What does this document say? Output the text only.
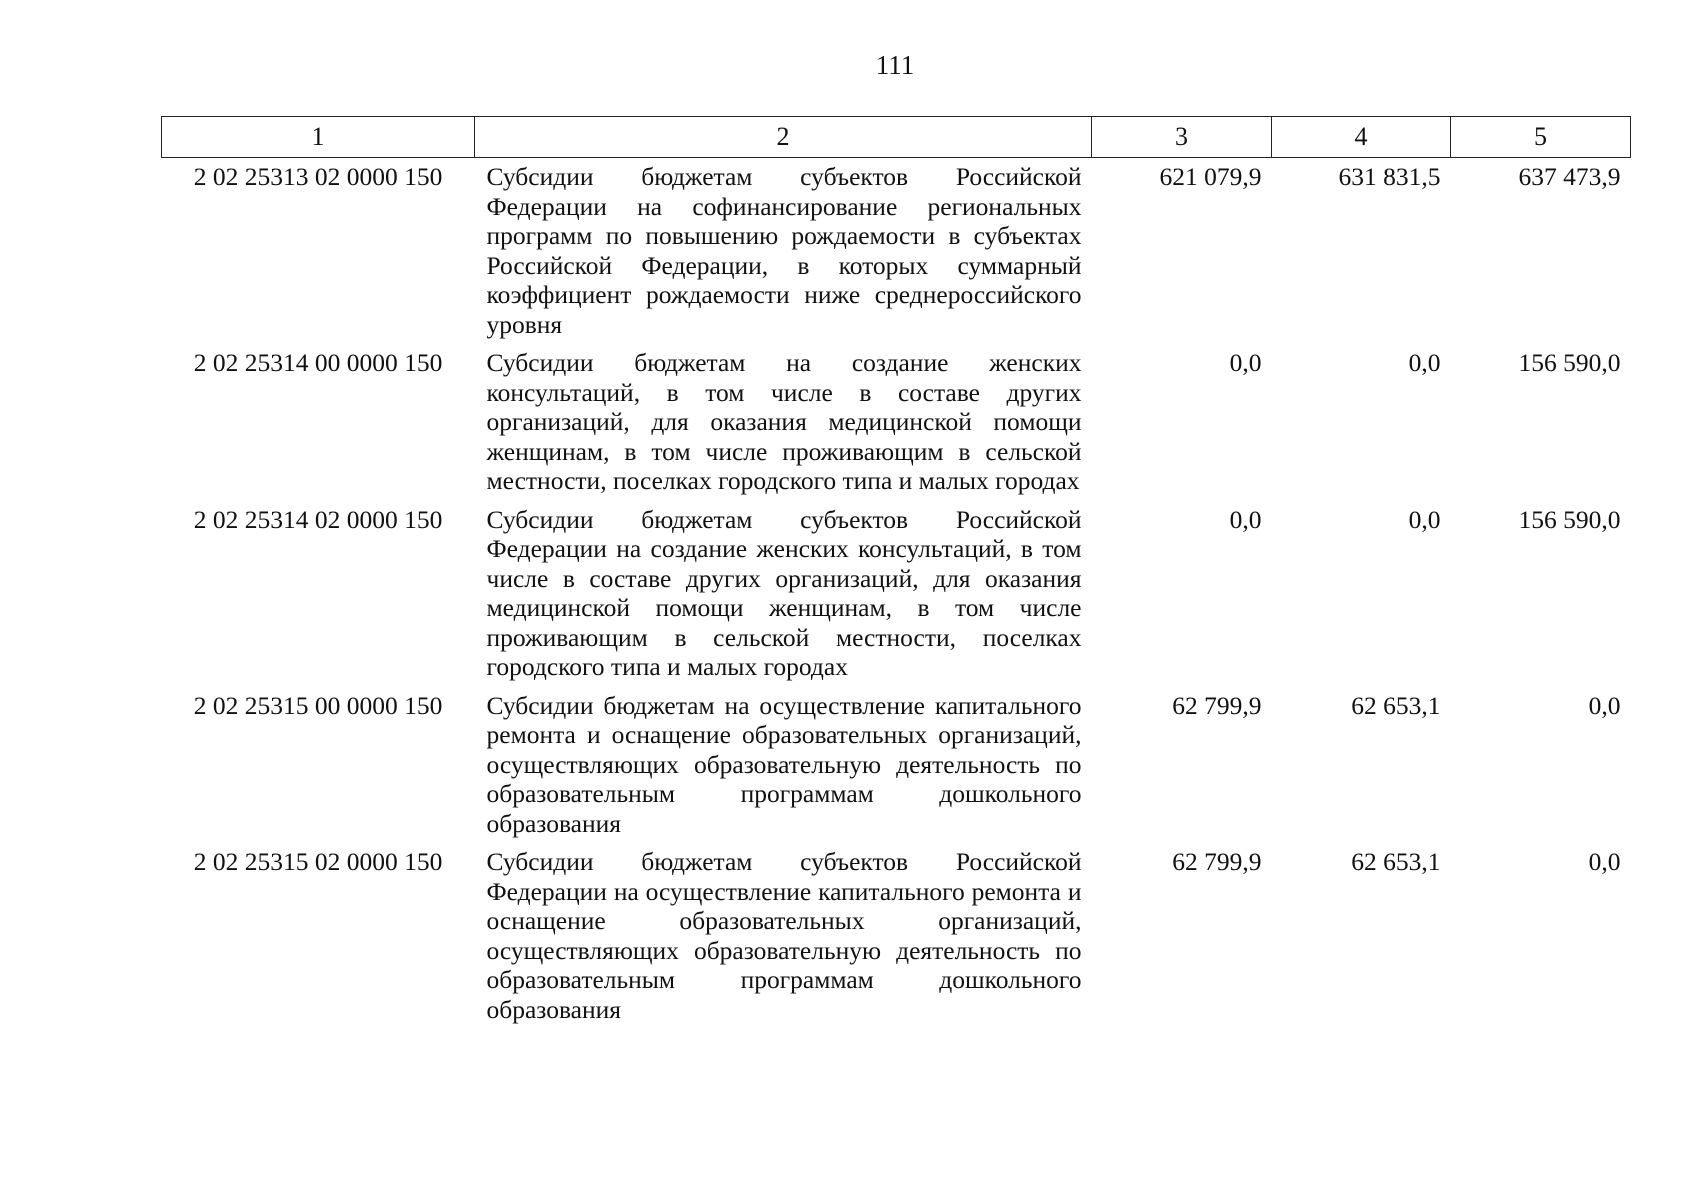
111
1	2	3	4	5
2 02 25313 02 0000 150	Субсидии бюджетам субъектов Российской Федерации на софинансирование региональных программ по повышению рождаемости в субъектах Российской Федерации, в которых суммарный коэффициент рождаемости ниже среднероссийского уровня	621 079,9	631 831,5	637 473,9
2 02 25314 00 0000 150	Субсидии бюджетам на создание женских консультаций, в том числе в составе других организаций, для оказания медицинской помощи женщинам, в том числе проживающим в сельской местности, поселках городского типа и малых городах	0,0	0,0	156 590,0
2 02 25314 02 0000 150	Субсидии бюджетам субъектов Российской Федерации на создание женских консультаций, в том числе в составе других организаций, для оказания медицинской помощи женщинам, в том числе проживающим в сельской местности, поселках городского типа и малых городах	0,0	0,0	156 590,0
2 02 25315 00 0000 150	Субсидии бюджетам на осуществление капитального ремонта и оснащение образовательных организаций, осуществляющих образовательную деятельность по образовательным программам дошкольного образования	62 799,9	62 653,1	0,0
2 02 25315 02 0000 150	Субсидии бюджетам субъектов Российской Федерации на осуществление капитального ремонта и оснащение образовательных организаций, осуществляющих образовательную деятельность по образовательным программам дошкольного образования	62 799,9	62 653,1	0,0
